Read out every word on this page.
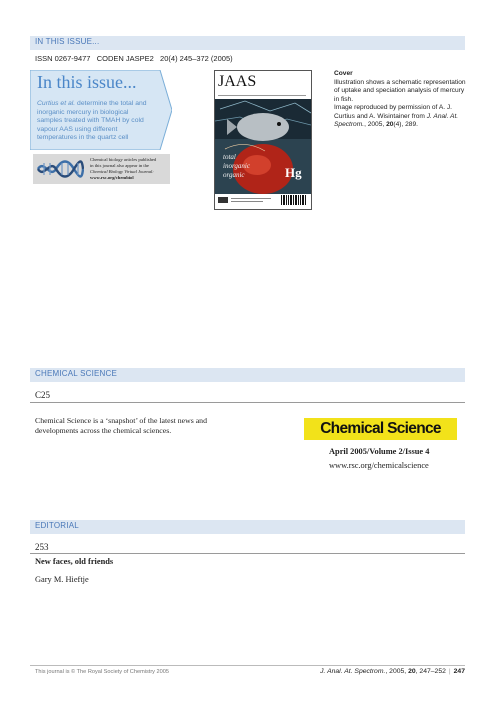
IN THIS ISSUE...
ISSN 0267-9477   CODEN JASPE2   20(4) 245–372 (2005)
In this issue...
Curtius et al. determine the total and inorganic mercury in biological samples treated with TMAH by cold vapour AAS using different temperatures in the quartz cell
Chemical biology articles published
in this journal also appear in the
Chemical Biology Virtual Journal:
www.rsc.org/chembiol
JAAS
total
inorganic
organic	Hg
Cover
Illustration shows a schematic representation of uptake and speciation analysis of mercury in fish.
Image reproduced by permission of A. J. Curtius and A. Wisintainer from J. Anal. At. Spectrom., 2005, 20(4), 289.
CHEMICAL SCIENCE
C25
Chemical Science is a ‘snapshot’ of the latest news and developments across the chemical sciences.	Chemical Science
April 2005/Volume 2/Issue 4
www.rsc.org/chemicalscience
EDITORIAL
253
New faces, old friends
Gary M. Hieftje
This journal is © The Royal Society of Chemistry 2005	J. Anal. At. Spectrom., 2005, 20, 247–252 | 247
